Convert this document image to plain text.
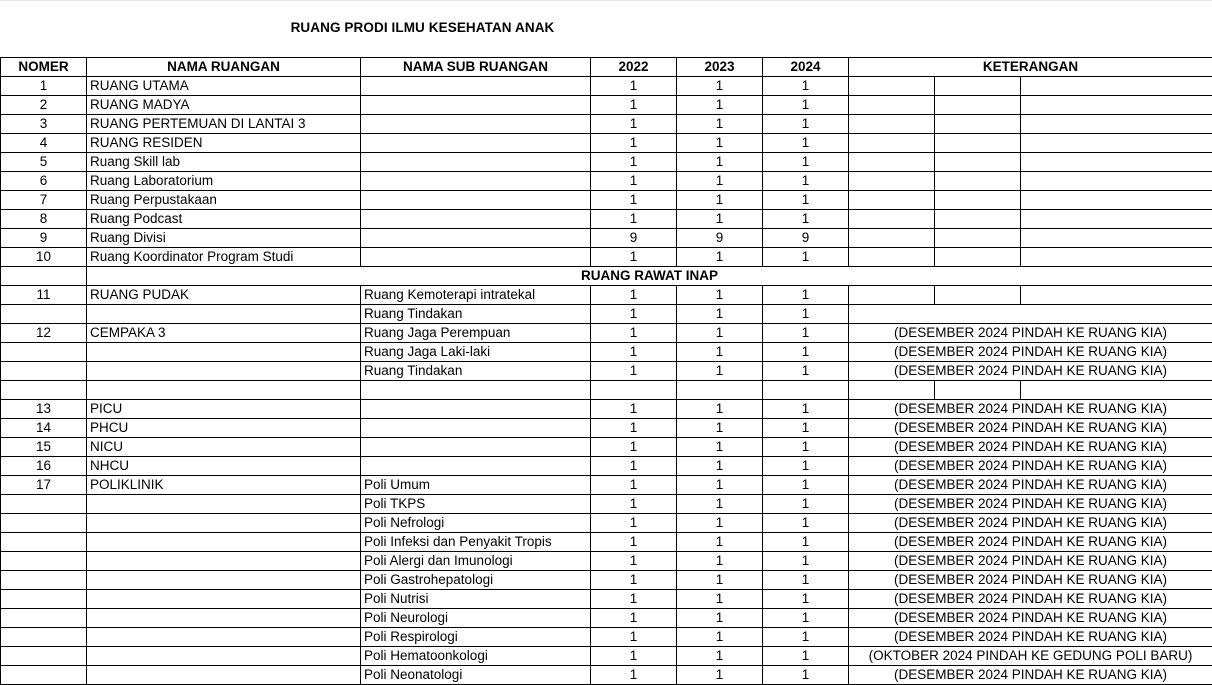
RUANG PRODI ILMU KESEHATAN ANAK
NOMER	NAMA RUANGAN	NAMA SUB RUANGAN	2022	2023	2024	KETERANGAN		
1	RUANG UTAMA		1	1	1			
2	RUANG MADYA		1	1	1			
3	RUANG PERTEMUAN DI LANTAI 3		1	1	1			
4	RUANG RESIDEN		1	1	1			
5	Ruang Skill lab		1	1	1			
6	Ruang Laboratorium		1	1	1			
7	Ruang Perpustakaan		1	1	1			
8	Ruang Podcast		1	1	1			
9	Ruang Divisi		9	9	9			
10	Ruang Koordinator Program Studi		1	1	1			
	RUANG RAWAT INAP							
11	RUANG PUDAK	Ruang Kemoterapi intratekal	1	1	1			
		Ruang Tindakan	1	1	1			
12	CEMPAKA 3	Ruang Jaga Perempuan	1	1	1	(DESEMBER 2024 PINDAH KE RUANG KIA)		
		Ruang Jaga Laki-laki	1	1	1	(DESEMBER 2024 PINDAH KE RUANG KIA)		
		Ruang Tindakan	1	1	1	(DESEMBER 2024 PINDAH KE RUANG KIA)		

13	PICU		1	1	1	(DESEMBER 2024 PINDAH KE RUANG KIA)		
14	PHCU		1	1	1	(DESEMBER 2024 PINDAH KE RUANG KIA)		
15	NICU		1	1	1	(DESEMBER 2024 PINDAH KE RUANG KIA)		
16	NHCU		1	1	1	(DESEMBER 2024 PINDAH KE RUANG KIA)		
17	POLIKLINIK	Poli Umum	1	1	1	(DESEMBER 2024 PINDAH KE RUANG KIA)		
		Poli TKPS	1	1	1	(DESEMBER 2024 PINDAH KE RUANG KIA)		
		Poli Nefrologi	1	1	1	(DESEMBER 2024 PINDAH KE RUANG KIA)		
		Poli Infeksi dan Penyakit Tropis	1	1	1	(DESEMBER 2024 PINDAH KE RUANG KIA)		
		Poli Alergi dan Imunologi	1	1	1	(DESEMBER 2024 PINDAH KE RUANG KIA)		
		Poli Gastrohepatologi	1	1	1	(DESEMBER 2024 PINDAH KE RUANG KIA)		
		Poli Nutrisi	1	1	1	(DESEMBER 2024 PINDAH KE RUANG KIA)		
		Poli Neurologi	1	1	1	(DESEMBER 2024 PINDAH KE RUANG KIA)		
		Poli Respirologi	1	1	1	(DESEMBER 2024 PINDAH KE RUANG KIA)		
		Poli Hematoonkologi	1	1	1	(OKTOBER 2024 PINDAH KE GEDUNG POLI BARU)		
		Poli Neonatologi	1	1	1	(DESEMBER 2024 PINDAH KE RUANG KIA)		
